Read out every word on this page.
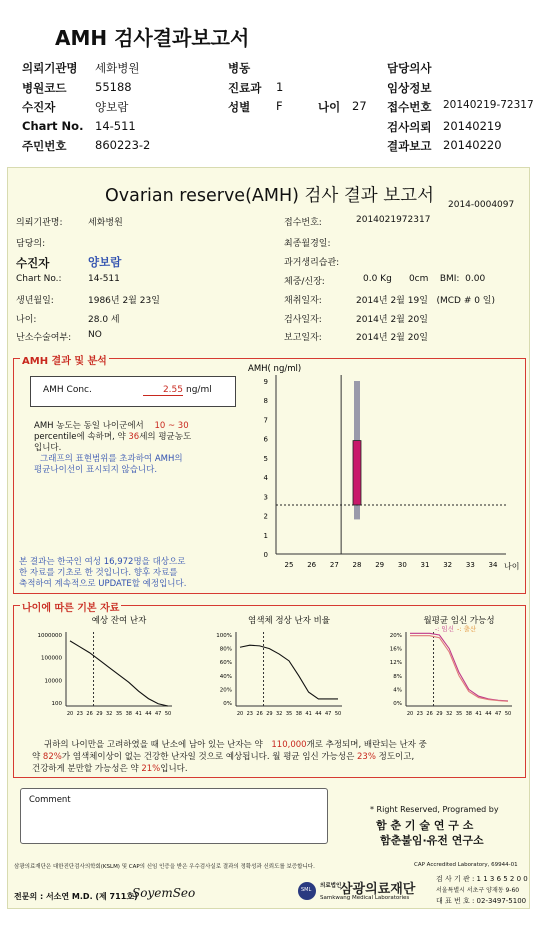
AMH 검사결과보고서
의뢰기관명 세화병원	병동	담당의사
병원코드 55188	진료과 1	임상정보
수진자	양보람	성별 F	나이 27 접수번호 20140219-72317
Chart No. 14-511	검사의뢰 20140219
주민번호 860223-2	결과보고 20140220
Ovarian reserve(AMH) 검사 결과 보고서 2014-0004097
의뢰기관명:	세화병원
담당의:
수진자	양보람
Chart No.:	14-511
생년월일:	1986년 2월 23일
나이:	28.0 세
난소수술여부: NO
접수번호:	2014021972317
최종월경일:
과거생리습관:
체중/신장:	0.0 Kg      0cm    BMI:  0.00
채취일자:	2014년 2월 19일   (MCD # 0 일)
검사일자:	2014년 2월 20일
보고일자:	2014년 2월 20일
AMH 결과 및 분석
AMH Conc.	2.55 ng/ml
AMH 농도는 동일 나이군에서 10 ~ 30
percentile에 속하며, 약 36세의 평균농도
입니다.
그래프의 표현범위를 초과하여 AMH의
평균나이선이 표시되지 않습니다.
본 결과는 한국인 여성 16,972명을 대상으로
한 자료를 기초로 한 것입니다. 향후 자료를
축적하여 계속적으로 UPDATE할 예정입니다.
AMH( ng/ml)
0
1
2
3
4
5
6
7
8
9
25 26 27 28 29 30 31 32 33 34 나이
나이에 따른 기본 자료
예상 잔여 난자
1000000
100000
10000
100
20 23 26 29 32 35 38 41 44 47 50
염색체 정상 난자 비율
100%
80%
60%
40%
20%
0%
20 23 26 29 32 35 38 41 44 47 50
월평균 임신 가능성
20%
16%
12%
8%
4%
0%
20 23 26 29 32 35 38 41 44 47 50
-: 임신 -: 출산
귀하의 나이만을 고려하였을 때 난소에 남아 있는 난자는 약 110,000개로 추정되며, 배란되는 난자 중
약 82%가 염색체이상이 없는 건강한 난자일 것으로 예상됩니다. 월 평균 임신 가능성은 23% 정도이고,
건강하게 분만할 가능성은 약 21%입니다.
Comment
* Right Reserved, Programed by
함 춘 기 술 연 구 소
함춘불임·유전 연구소
삼광의료재단은 대한진단검사의학회(KSLM) 및 CAP의 신임 인증을 받은 우수검사실로 결과의 정확성과 신뢰도를 보증합니다.	CAP Accredited Laboratory, 69944-01
전문의 : 서소연 M.D. (제 711호)
SoyemSeo	SML
의료법인
삼광의료재단
Samkwang Medical Laboratories
검 사 기 관 : 1 1 3 6 5 2 0 0
서울특별시 서초구 양재동 9-60
대 표 번 호 : 02-3497-5100
